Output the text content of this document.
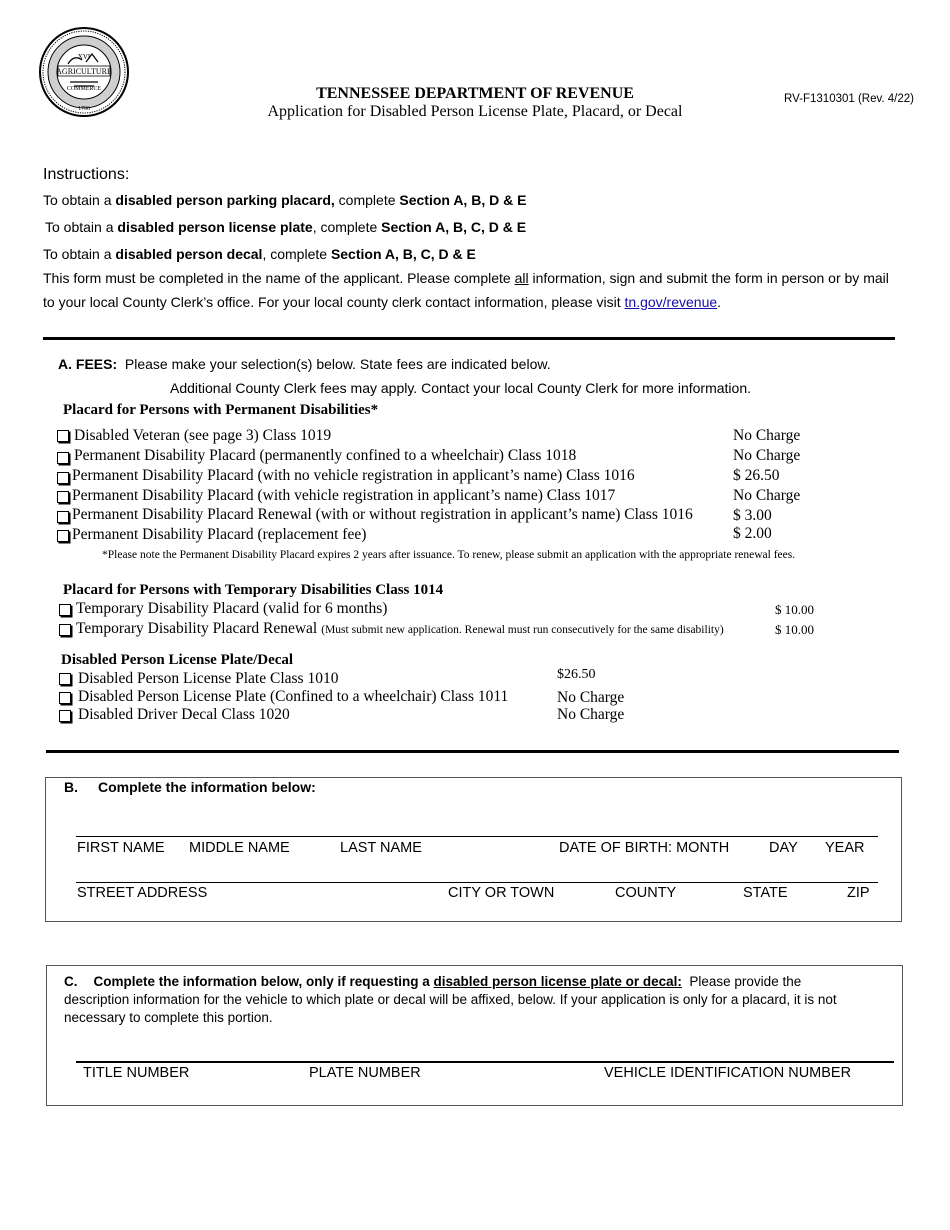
AGRICULTURE
XVI
COMMERCE
1796
TENNESSEE DEPARTMENT OF REVENUE
Application for Disabled Person License Plate, Placard, or Decal
RV-F1310301 (Rev. 4/22)
Instructions:
To obtain a disabled person parking placard, complete Section A, B, D & E
To obtain a disabled person license plate, complete Section A, B, C, D & E
To obtain a disabled person decal, complete Section A, B, C, D & E
This form must be completed in the name of the applicant. Please complete all information, sign and submit the form in person or by mail
to your local County Clerk’s office. For your local county clerk contact information, please visit tn.gov/revenue.
A. FEES: Please make your selection(s) below. State fees are indicated below.
Additional County Clerk fees may apply. Contact your local County Clerk for more information.
Placard for Persons with Permanent Disabilities*
Disabled Veteran (see page 3) Class 1019	No Charge
Permanent Disability Placard (permanently confined to a wheelchair) Class 1018	No Charge
Permanent Disability Placard (with no vehicle registration in applicant’s name) Class 1016	$ 26.50
Permanent Disability Placard (with vehicle registration in applicant’s name) Class 1017	No Charge
Permanent Disability Placard Renewal (with or without registration in applicant’s name) Class 1016	$ 3.00
Permanent Disability Placard (replacement fee)	$ 2.00
*Please note the Permanent Disability Placard expires 2 years after issuance. To renew, please submit an application with the appropriate renewal fees.
Placard for Persons with Temporary Disabilities Class 1014
Temporary Disability Placard (valid for 6 months)	$ 10.00
Temporary Disability Placard Renewal (Must submit new application. Renewal must run consecutively for the same disability)	$ 10.00
Disabled Person License Plate/Decal
Disabled Person License Plate Class 1010	$26.50
Disabled Person License Plate (Confined to a wheelchair) Class 1011	No Charge
Disabled Driver Decal Class 1020	No Charge
B. Complete the information below:
FIRST NAME MIDDLE NAME	LAST NAME	DATE OF BIRTH: MONTH	DAY YEAR
STREET ADDRESS	CITY OR TOWN	COUNTY	STATE	ZIP
C. Complete the information below, only if requesting a disabled person license plate or decal: Please provide the
description information for the vehicle to which plate or decal will be affixed, below. If your application is only for a placard, it is not
necessary to complete this portion.
TITLE NUMBER	PLATE NUMBER	VEHICLE IDENTIFICATION NUMBER
